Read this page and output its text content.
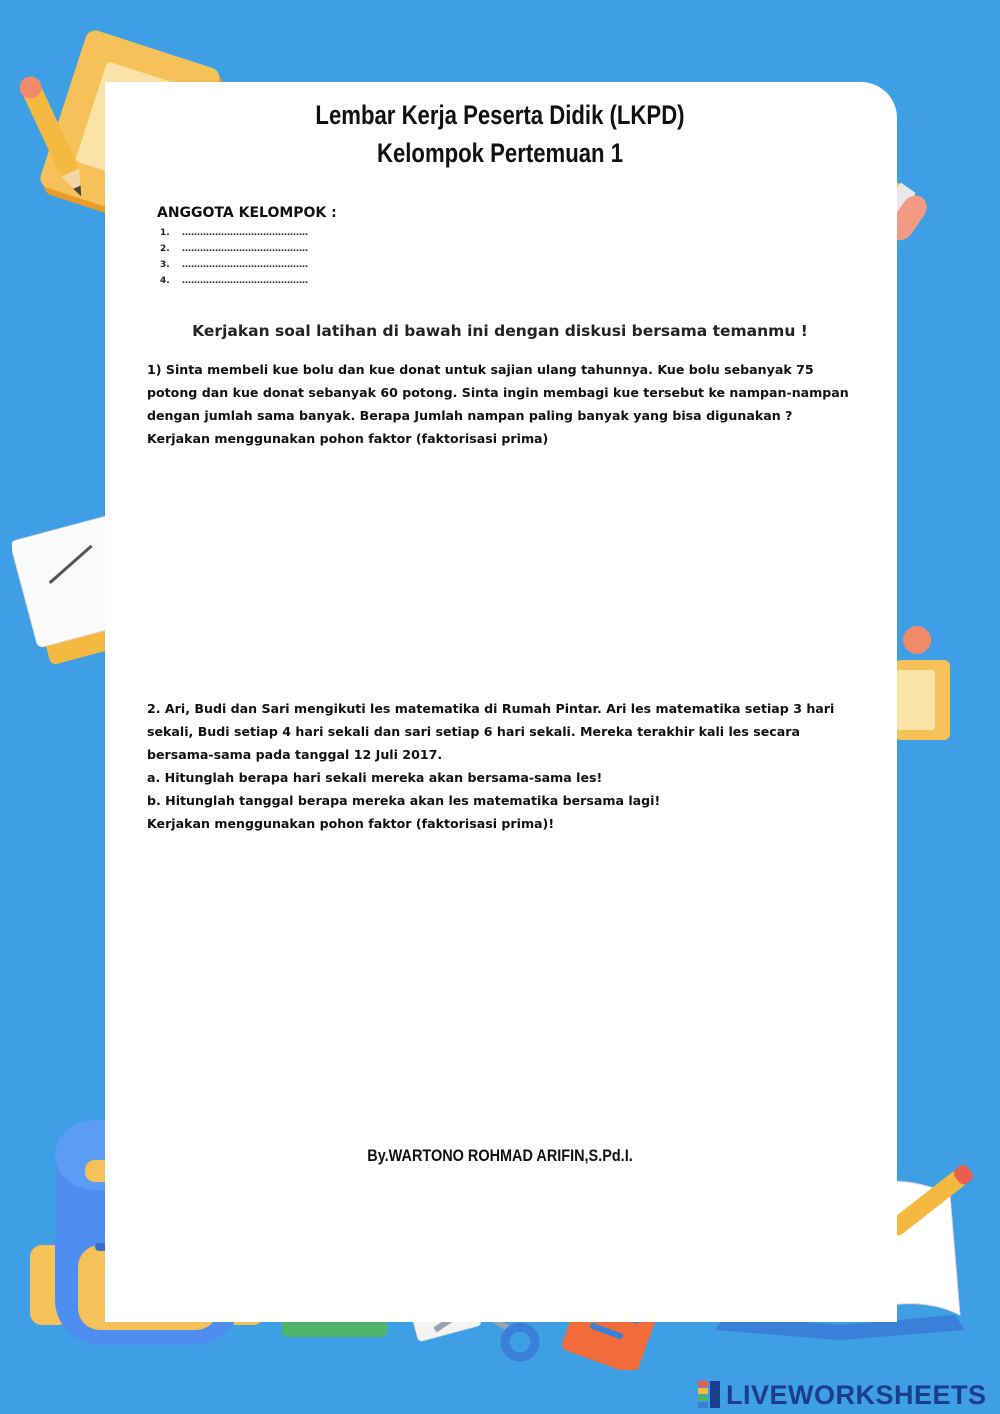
Lembar Kerja Peserta Didik (LKPD)
Kelompok Pertemuan 1
ANGGOTA KELOMPOK :
1. ……………………………………
2. ……………………………………
3. ……………………………………
4. ……………………………………

Kerjakan soal latihan di bawah ini dengan diskusi bersama temanmu !

1) Sinta membeli kue bolu dan kue donat untuk sajian ulang tahunnya. Kue bolu sebanyak 75 potong dan kue donat sebanyak 60 potong. Sinta ingin membagi kue tersebut ke nampan-nampan dengan jumlah sama banyak. Berapa Jumlah nampan paling banyak yang bisa digunakan ?

Kerjakan menggunakan pohon faktor (faktorisasi prima)

2. Ari, Budi dan Sari mengikuti les matematika di Rumah Pintar. Ari les matematika setiap 3 hari sekali, Budi setiap 4 hari sekali dan sari setiap 6 hari sekali. Mereka terakhir kali les secara bersama-sama pada tanggal 12 Juli 2017.

a. Hitunglah berapa hari sekali mereka akan bersama-sama les!

b. Hitunglah tanggal berapa mereka akan les matematika bersama lagi!

Kerjakan menggunakan pohon faktor (faktorisasi prima)!

By.WARTONO ROHMAD ARIFIN,S.Pd.I.

LIVEWORKSHEETS
